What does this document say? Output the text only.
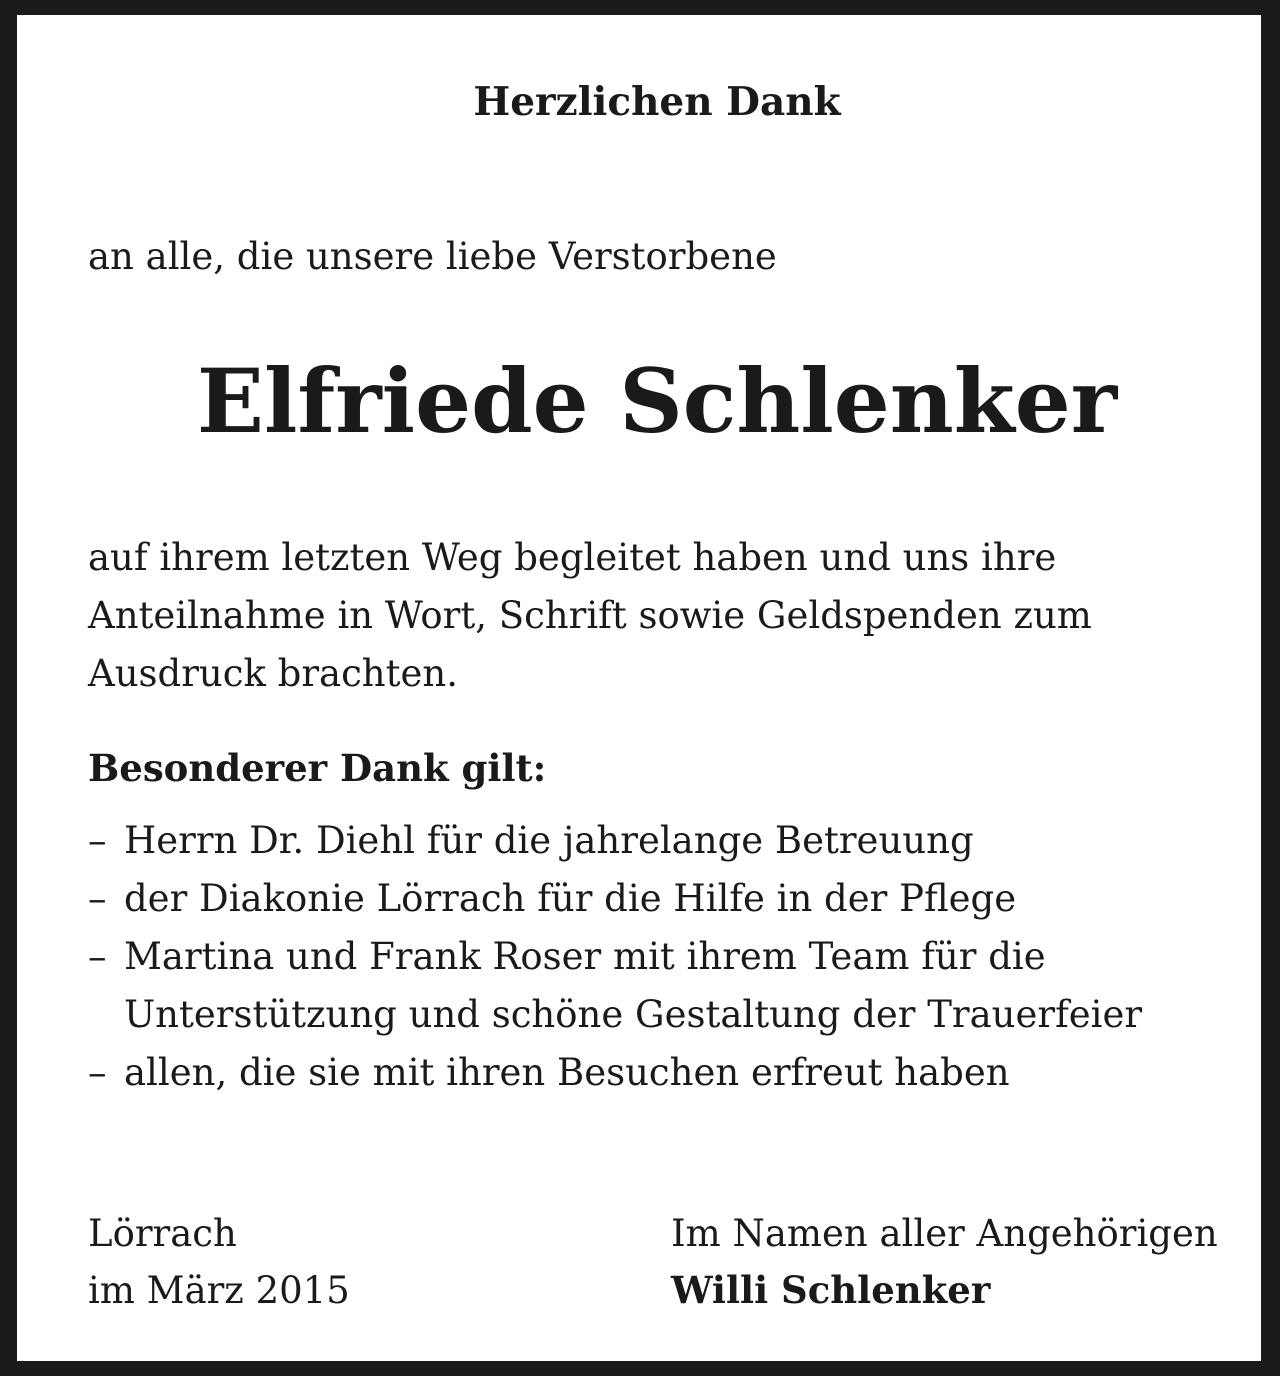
Herzlichen Dank

an alle, die unsere liebe Verstorbene

Elfriede Schlenker
auf ihrem letzten Weg begleitet haben und uns ihre
Anteilnahme in Wort, Schrift sowie Geldspenden zum
Ausdruck brachten.

Besonderer Dank gilt:

– Herrn Dr. Diehl für die jahrelange Betreuung
– der Diakonie Lörrach für die Hilfe in der Pflege
– Martina und Frank Roser mit ihrem Team für die
Unterstützung und schöne Gestaltung der Trauerfeier
– allen, die sie mit ihren Besuchen erfreut haben
Lörrach
im März 2015
Im Namen aller Angehörigen
Willi Schlenker
